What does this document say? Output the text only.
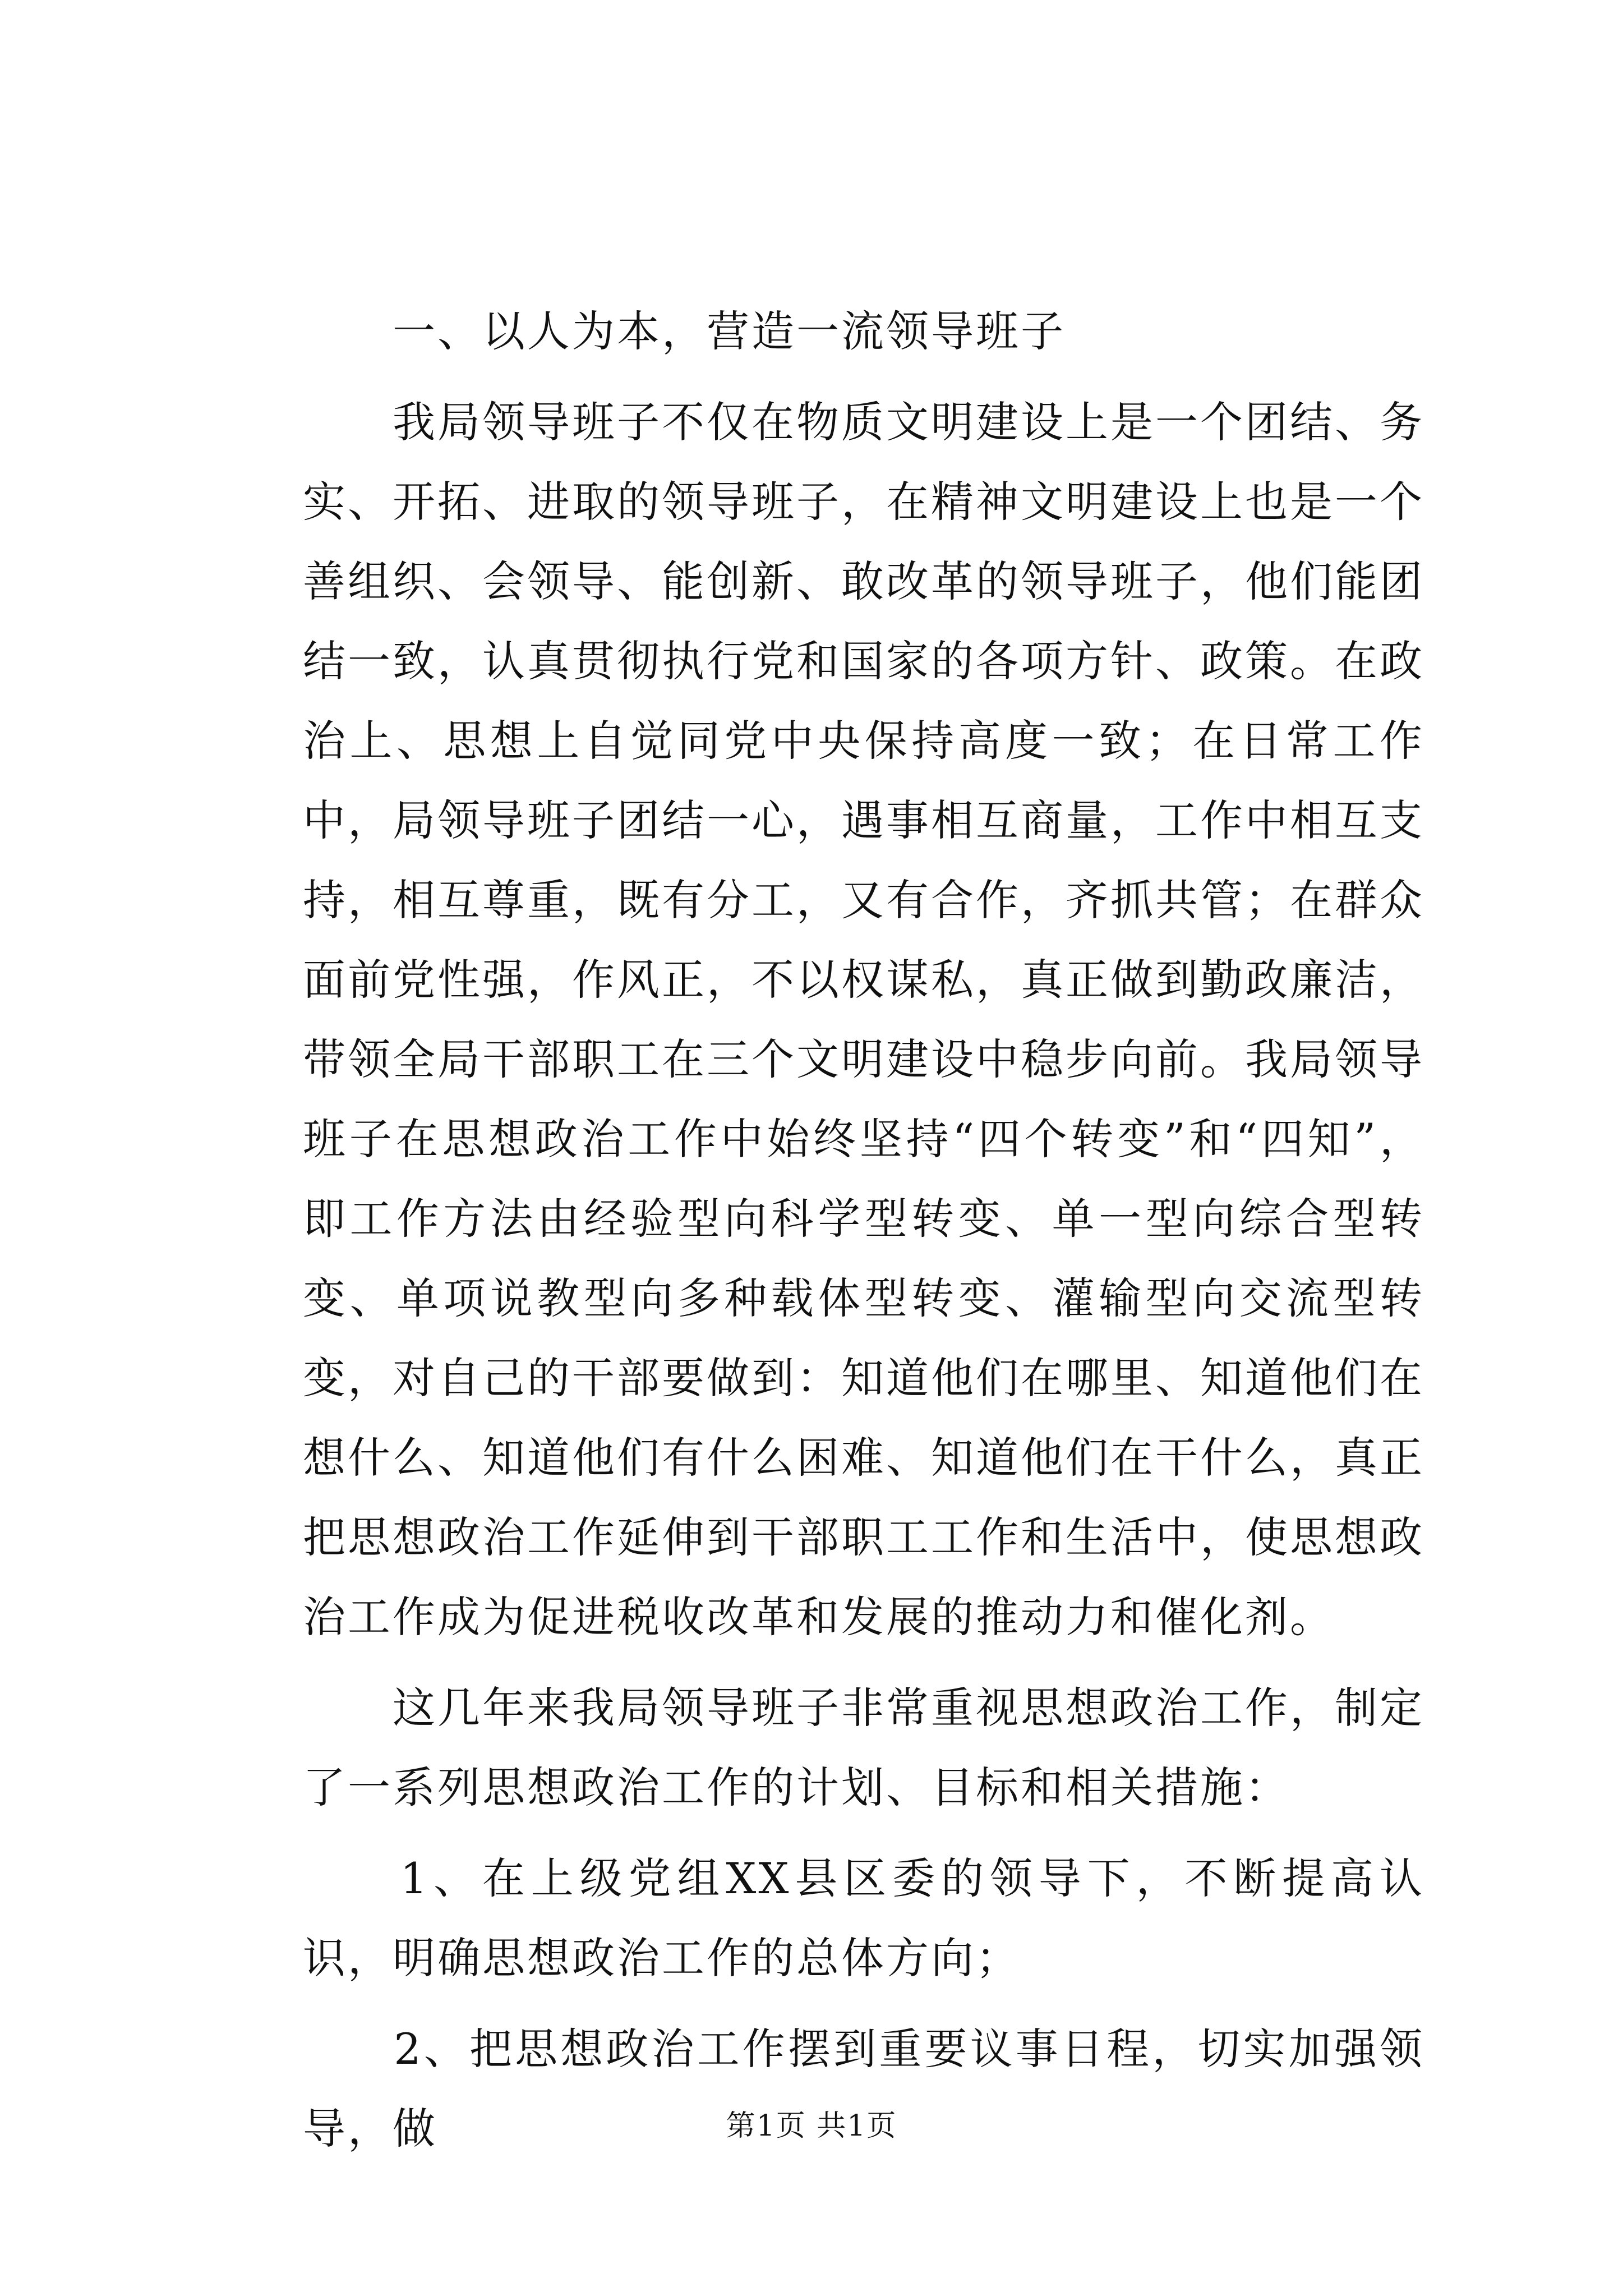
　　一、以人为本，营造一流领导班子

　　我局领导班子不仅在物质文明建设上是一个团结、务实、开拓、进取的领导班子，在精神文明建设上也是一个善组织、会领导、能创新、敢改革的领导班子，他们能团结一致，认真贯彻执行党和国家的各项方针、政策。在政治上、思想上自觉同党中央保持高度一致；在日常工作中，局领导班子团结一心，遇事相互商量，工作中相互支持，相互尊重，既有分工，又有合作，齐抓共管；在群众面前党性强，作风正，不以权谋私，真正做到勤政廉洁，带领全局干部职工在三个文明建设中稳步向前。我局领导班子在思想政治工作中始终坚持“四个转变”和“四知”，即工作方法由经验型向科学型转变、单一型向综合型转变、单项说教型向多种载体型转变、灌输型向交流型转变，对自己的干部要做到：知道他们在哪里、知道他们在想什么、知道他们有什么困难、知道他们在干什么，真正把思想政治工作延伸到干部职工工作和生活中，使思想政治工作成为促进税收改革和发展的推动力和催化剂。

　　这几年来我局领导班子非常重视思想政治工作，制定了一系列思想政治工作的计划、目标和相关措施：

　　1、在上级党组XX县区委的领导下，不断提高认识，明确思想政治工作的总体方向；

　　2、把思想政治工作摆到重要议事日程，切实加强领导，做	第1页 共1页
